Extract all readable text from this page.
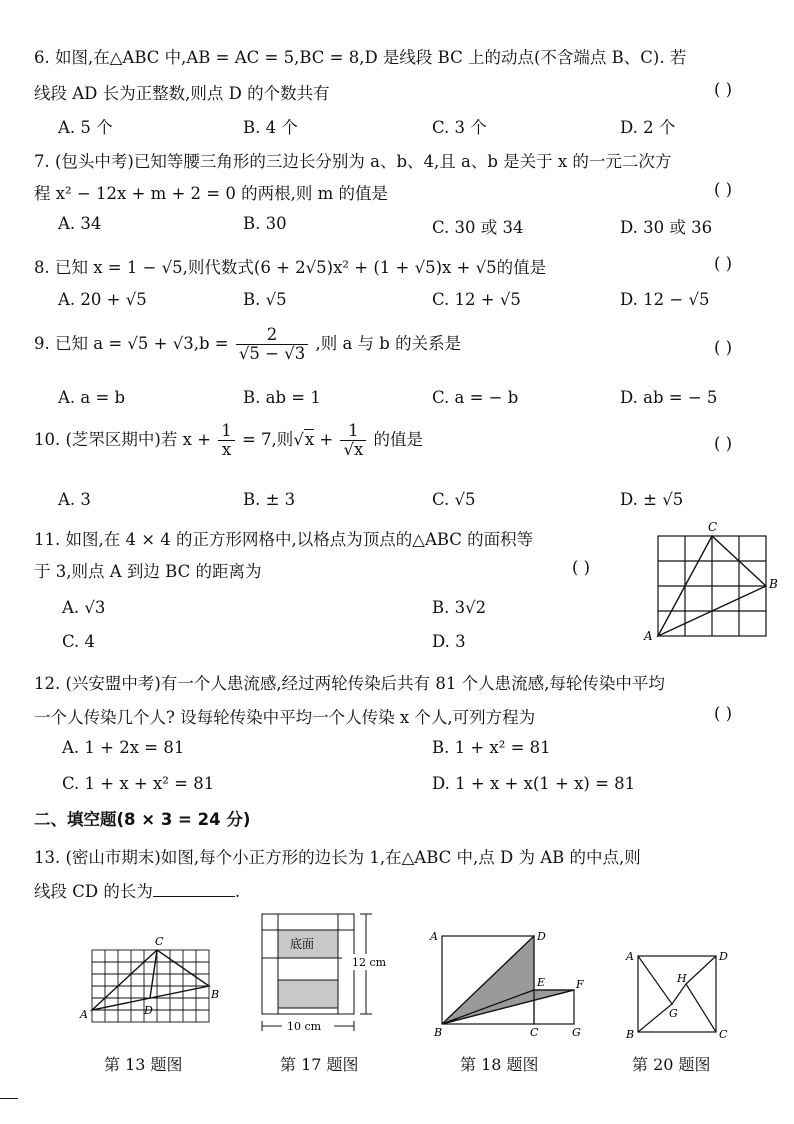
6. 如图,在△ABC 中,AB = AC = 5,BC = 8,D 是线段 BC 上的动点(不含端点 B、C). 若
线段 AD 长为正整数,则点 D 的个数共有	( )
A. 5 个	B. 4 个	C. 3 个	D. 2 个
7. (包头中考)已知等腰三角形的三边长分别为 a、b、4,且 a、b 是关于 x 的一元二次方
程 x² − 12x + m + 2 = 0 的两根,则 m 的值是	( )
A. 34	B. 30	C. 30 或 34	D. 30 或 36
8. 已知 x = 1 − √5,则代数式(6 + 2√5)x² + (1 + √5)x + √5的值是	( )
A. 20 + √5	B. √5	C. 12 + √5	D. 12 − √5
9. 已知 $a = √5 + √3,b = \frac{2}{√5 - √3}$ ,则 a 与 b 的关系是	( )
A. a = b	B. ab = 1	C. a = − b	D. ab = − 5
10. (芝罘区期中)若 $x + \frac{1}{x} = 7$,则$√x + \frac{1}{√x}$ 的值是	( )
A. 3	B. ± 3	C. √5	D. ± √5
11. 如图,在 4 × 4 的正方形网格中,以格点为顶点的△ABC 的面积等
于 3,则点 A 到边 BC 的距离为	( )
A. √3	B. 3√2
C. 4	D. 3
C
B
A
12. (兴安盟中考)有一个人患流感,经过两轮传染后共有 81 个人患流感,每轮传染中平均
一个人传染几个人? 设每轮传染中平均一个人传染 x 个人,可列方程为	( )
A. 1 + 2x = 81	B. 1 + x² = 81
C. 1 + x + x² = 81	D. 1 + x + x(1 + x) = 81
二、填空题(8 × 3 = 24 分)
13. (密山市期末)如图,每个小正方形的边长为 1,在△ABC 中,点 D 为 AB 的中点,则
线段 CD 的长为	.
C
B
A	D
第 13 题图
底面
12 cm
10 cm
第 17 题图
A	D
E	F
B	C	G
第 18 题图
A	D
H
G
B	C
第 20 题图
